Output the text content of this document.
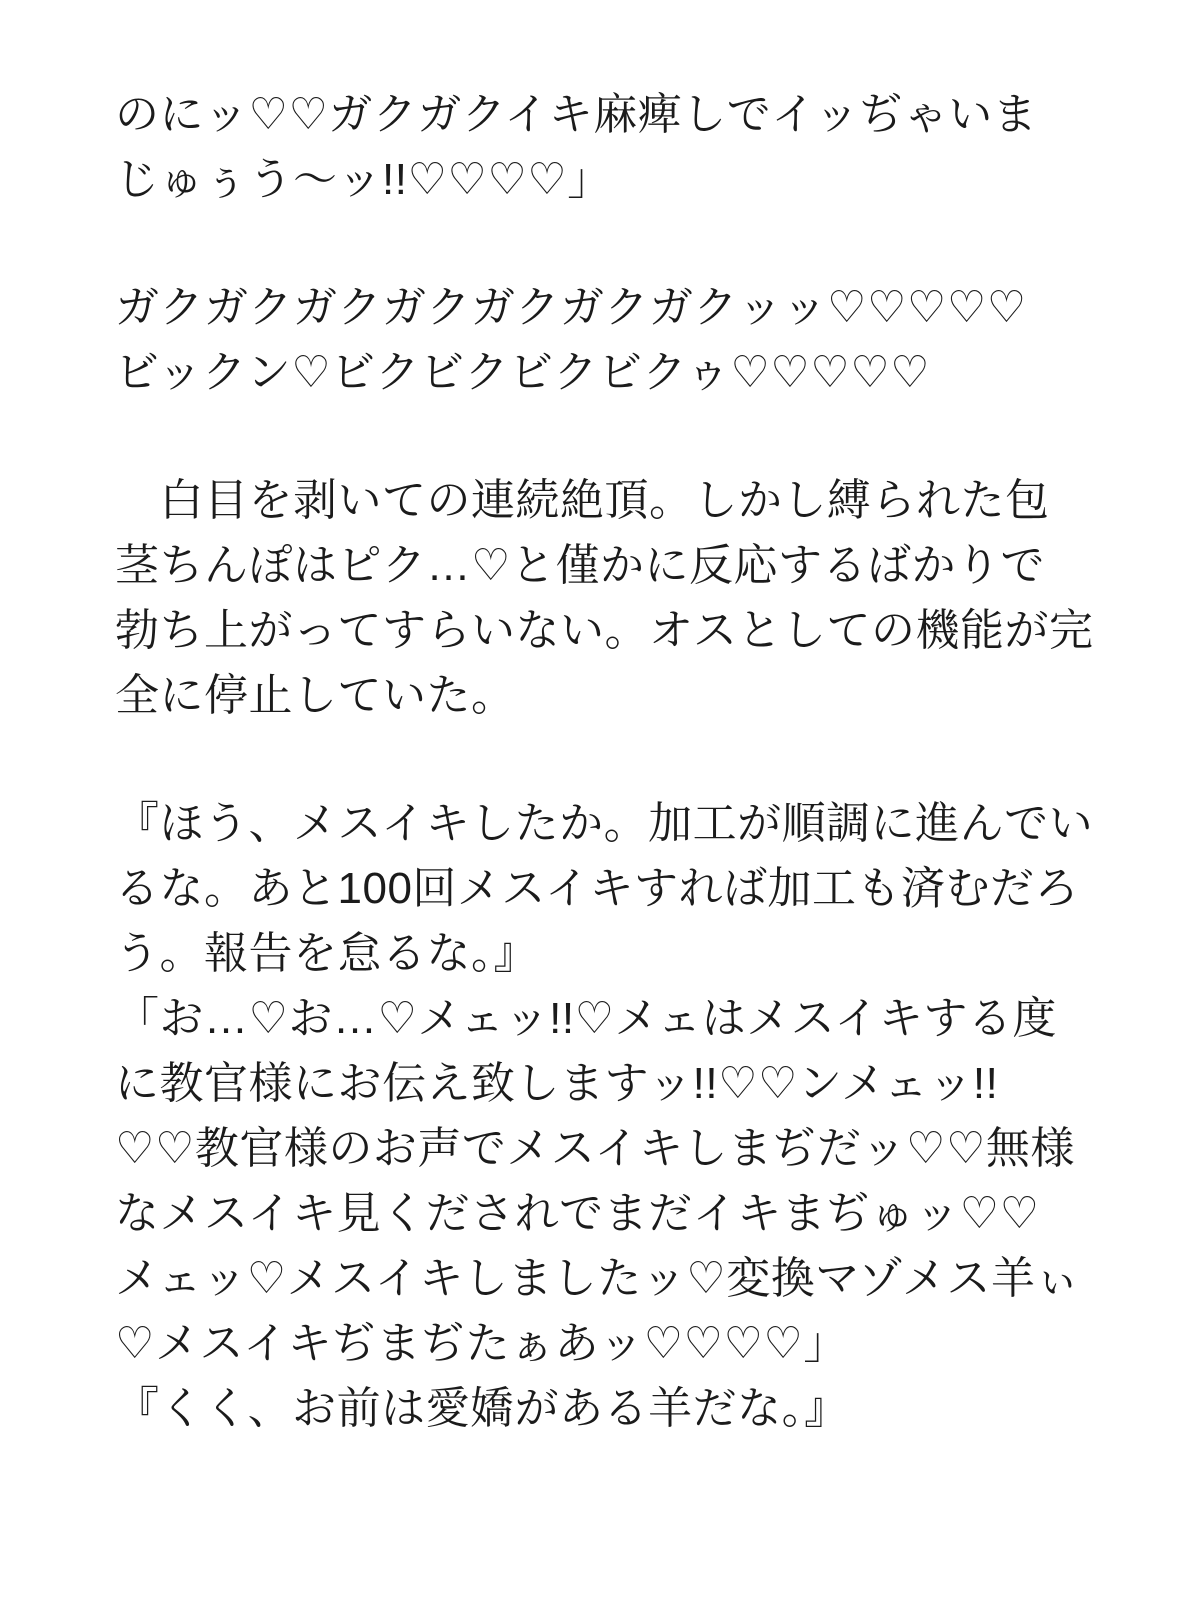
のにッ♡♡ガクガクイキ麻痺しでイッぢゃいま
じゅぅう〜ッ!!♡♡♡♡」
ガクガクガクガクガクガクガクッッ♡♡♡♡♡
ビックン♡ビクビクビクビクゥ♡♡♡♡♡
　白目を剥いての連続絶頂。しかし縛られた包
茎ちんぽはピク…♡と僅かに反応するばかりで
勃ち上がってすらいない。オスとしての機能が完
全に停止していた。
『ほう、メスイキしたか。加工が順調に進んでい
るな。あと100回メスイキすれば加工も済むだろ
う。報告を怠るな。』
「お…♡お…♡メェッ!!♡メェはメスイキする度
に教官様にお伝え致しますッ!!♡♡ンメェッ!!
♡♡教官様のお声でメスイキしまぢだッ♡♡無様
なメスイキ見くだされでまだイキまぢゅッ♡♡
メェッ♡メスイキしましたッ♡変換マゾメス羊ぃ
♡メスイキぢまぢたぁあッ♡♡♡♡」
『くく、お前は愛嬌がある羊だな。』
